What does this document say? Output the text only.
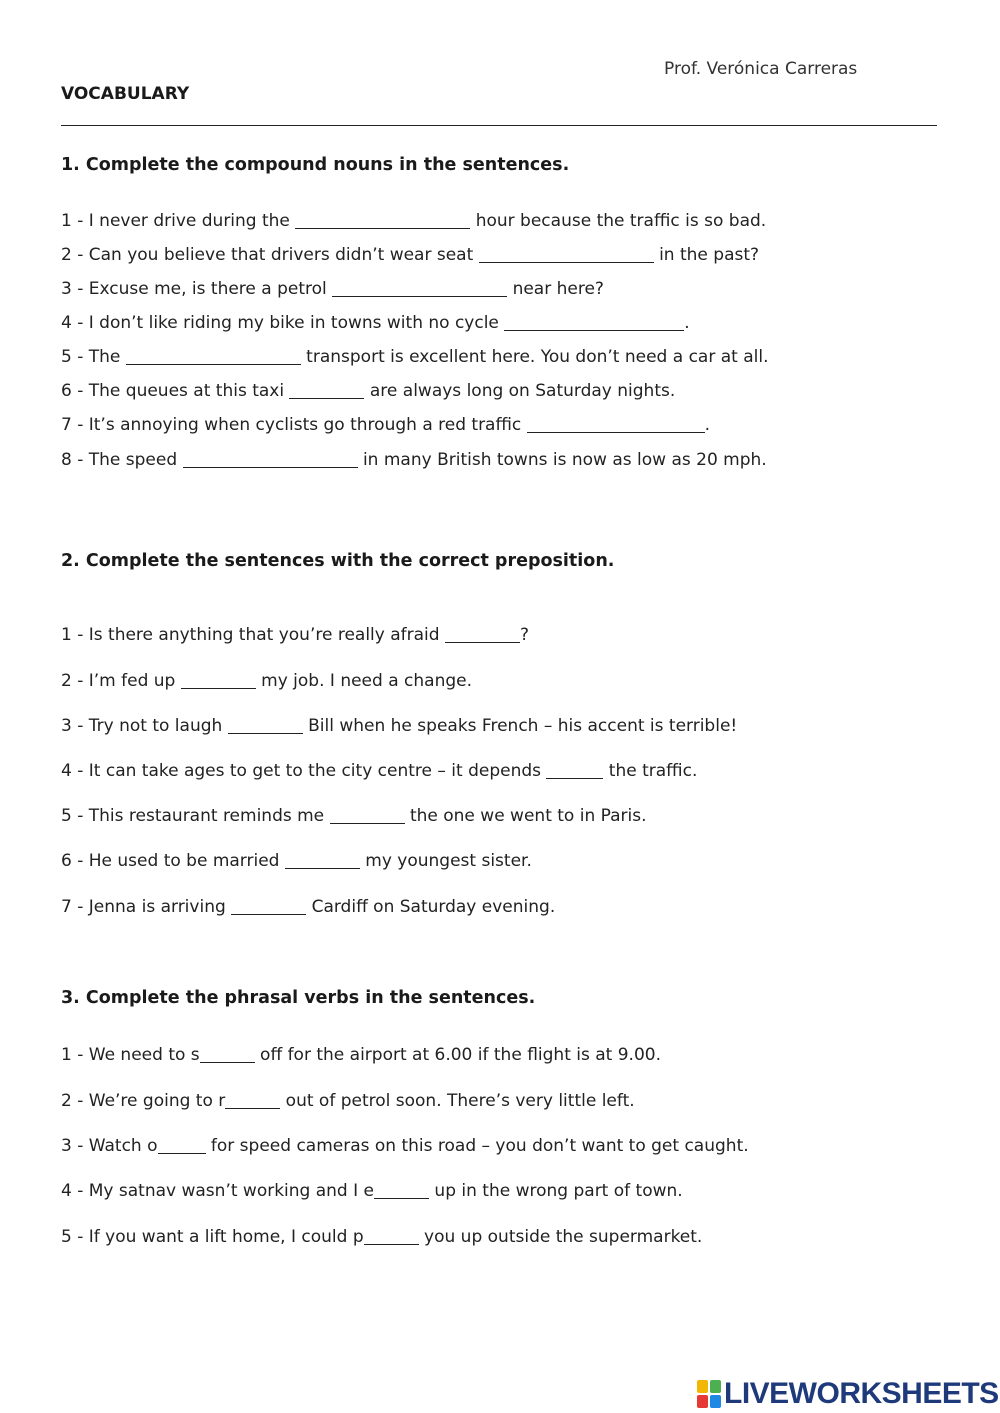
Prof. Verónica Carreras
VOCABULARY
1. Complete the compound nouns in the sentences.
1 - I never drive during the	hour because the traffic is so bad.
2 - Can you believe that drivers didn’t wear seat	in the past?
3 - Excuse me, is there a petrol	near here?
4 - I don’t like riding my bike in towns with no cycle	.
5 - The	transport is excellent here. You don’t need a car at all.
6 - The queues at this taxi	are always long on Saturday nights.
7 - It’s annoying when cyclists go through a red traffic	.
8 - The speed	in many British towns is now as low as 20 mph.
2. Complete the sentences with the correct preposition.
1 - Is there anything that you’re really afraid	?
2 - I’m fed up	my job. I need a change.
3 - Try not to laugh	Bill when he speaks French – his accent is terrible!
4 - It can take ages to get to the city centre – it depends	the traffic.
5 - This restaurant reminds me	the one we went to in Paris.
6 - He used to be married	my youngest sister.
7 - Jenna is arriving	Cardiff on Saturday evening.
3. Complete the phrasal verbs in the sentences.
1 - We need to s	off for the airport at 6.00 if the flight is at 9.00.
2 - We’re going to r	out of petrol soon. There’s very little left.
3 - Watch o	for speed cameras on this road – you don’t want to get caught.
4 - My satnav wasn’t working and I e	up in the wrong part of town.
5 - If you want a lift home, I could p	you up outside the supermarket.
LIVEWORKSHEETS
